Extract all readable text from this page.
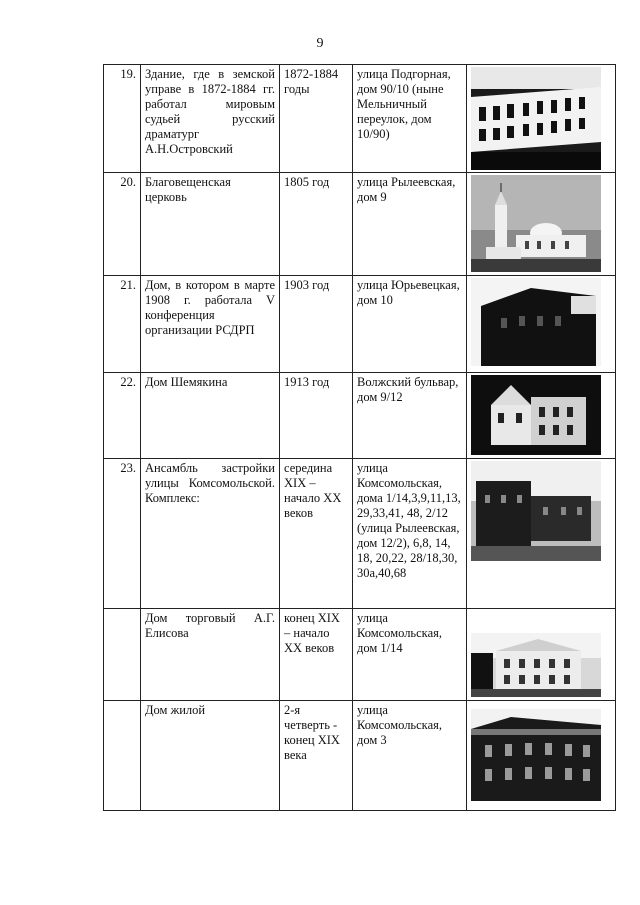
9
19.	Здание, где в земской управе в 1872-1884 гг. работал мировым судьей русский драматург А.Н.Островский	1872-1884 годы	улица Подгорная, дом 90/10 (ныне Мельничный переулок, дом 10/90)	

20.	Благовещенская церковь	1805 год	улица Рылеевская, дом 9	

21.	Дом, в котором в марте 1908 г. работала V конференция организации РСДРП	1903 год	улица Юрьевецкая, дом 10	

22.	Дом Шемякина	1913 год	Волжский бульвар, дом 9/12	

23.	Ансамбль застройки улицы Комсомольской. Комплекс:	середина XIX – начало XX веков	улица Комсомольская, дома 1/14,3,9,11,13, 29,33,41, 48, 2/12 (улица Рылеевская, дом 12/2), 6,8, 14, 18, 20,22, 28/18,30, 30а,40,68	

	Дом торговый А.Г. Елисова	конец XIX – начало XX веков	улица Комсомольская, дом 1/14	

	Дом жилой	2-я четверть - конец XIX века	улица Комсомольская, дом 3	
